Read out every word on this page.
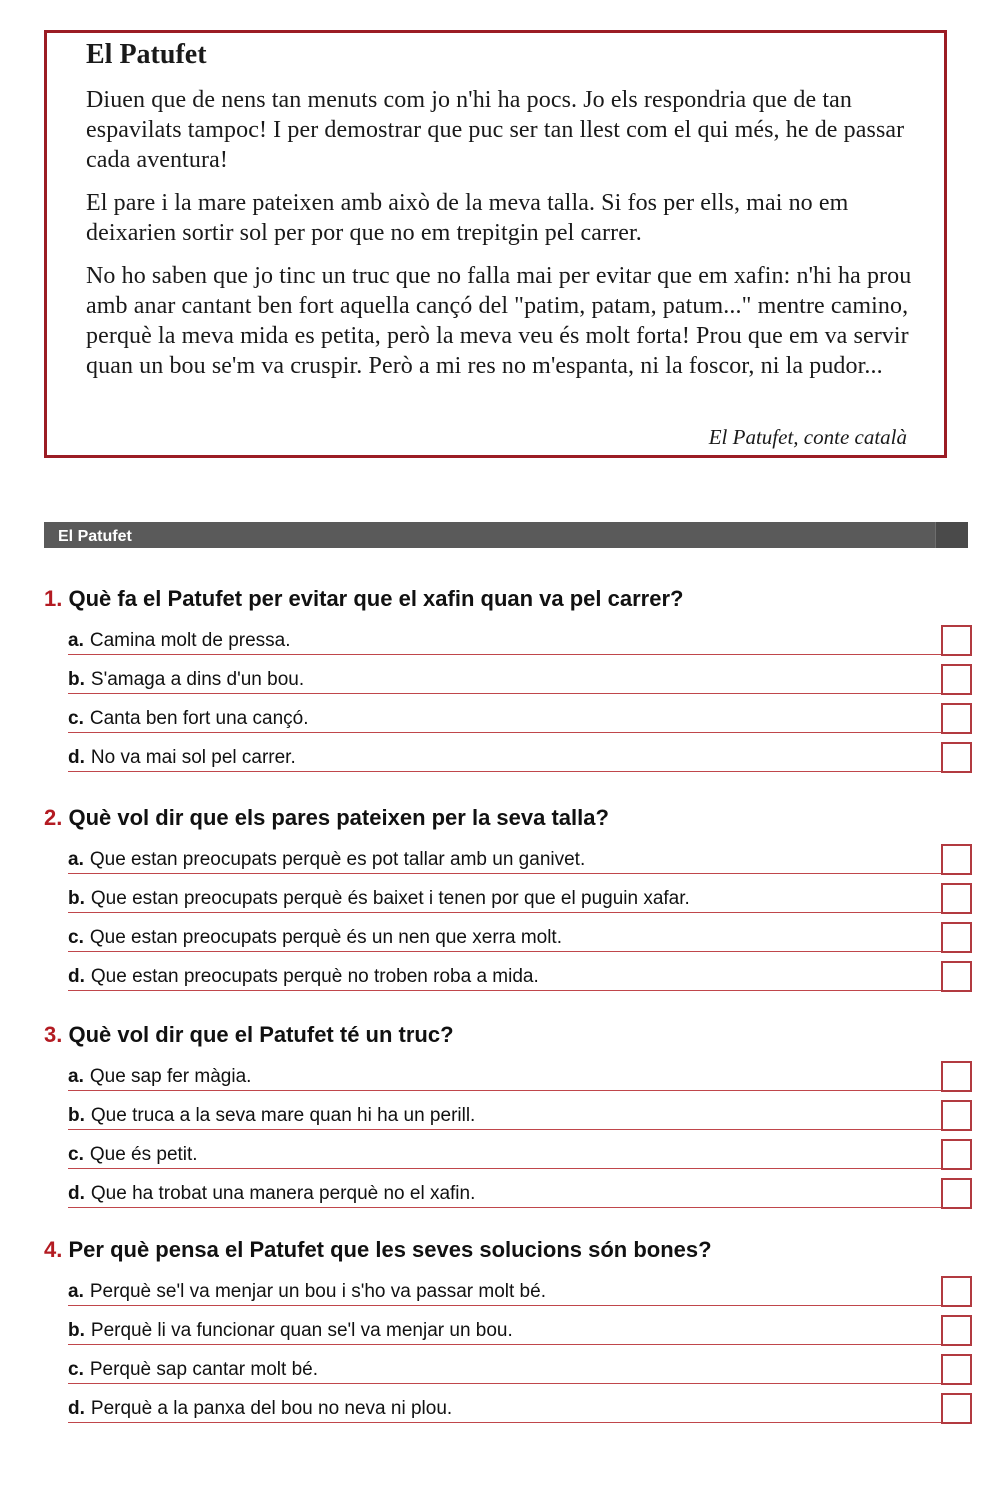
El Patufet

Diuen que de nens tan menuts com jo n'hi ha pocs. Jo els respondria que de tan espavilats tampoc! I per demostrar que puc ser tan llest com el qui més, he de passar cada aventura!

El pare i la mare pateixen amb això de la meva talla. Si fos per ells, mai no em deixarien sortir sol per por que no em trepitgin pel carrer.

No ho saben que jo tinc un truc que no falla mai per evitar que em xafin: n'hi ha prou amb anar cantant ben fort aquella cançó del "patim, patam, patum..." mentre camino, perquè la meva mida es petita, però la meva veu és molt forta! Prou que em va servir quan un bou se'm va cruspir. Però a mi res no m'espanta, ni la foscor, ni la pudor...

El Patufet, conte català
El Patufet
1. Què fa el Patufet per evitar que el xafin quan va pel carrer?
a. Camina molt de pressa.
b. S'amaga a dins d'un bou.
c. Canta ben fort una cançó.
d. No va mai sol pel carrer.
2. Què vol dir que els pares pateixen per la seva talla?
a. Que estan preocupats perquè es pot tallar amb un ganivet.
b. Que estan preocupats perquè és baixet i tenen por que el puguin xafar.
c. Que estan preocupats perquè és un nen que xerra molt.
d. Que estan preocupats perquè no troben roba a mida.
3. Què vol dir que el Patufet té un truc?
a. Que sap fer màgia.
b. Que truca a la seva mare quan hi ha un perill.
c. Que és petit.
d. Que ha trobat una manera perquè no el xafin.
4. Per què pensa el Patufet que les seves solucions són bones?
a. Perquè se'l va menjar un bou i s'ho va passar molt bé.
b. Perquè li va funcionar quan se'l va menjar un bou.
c. Perquè sap cantar molt bé.
d. Perquè a la panxa del bou no neva ni plou.
